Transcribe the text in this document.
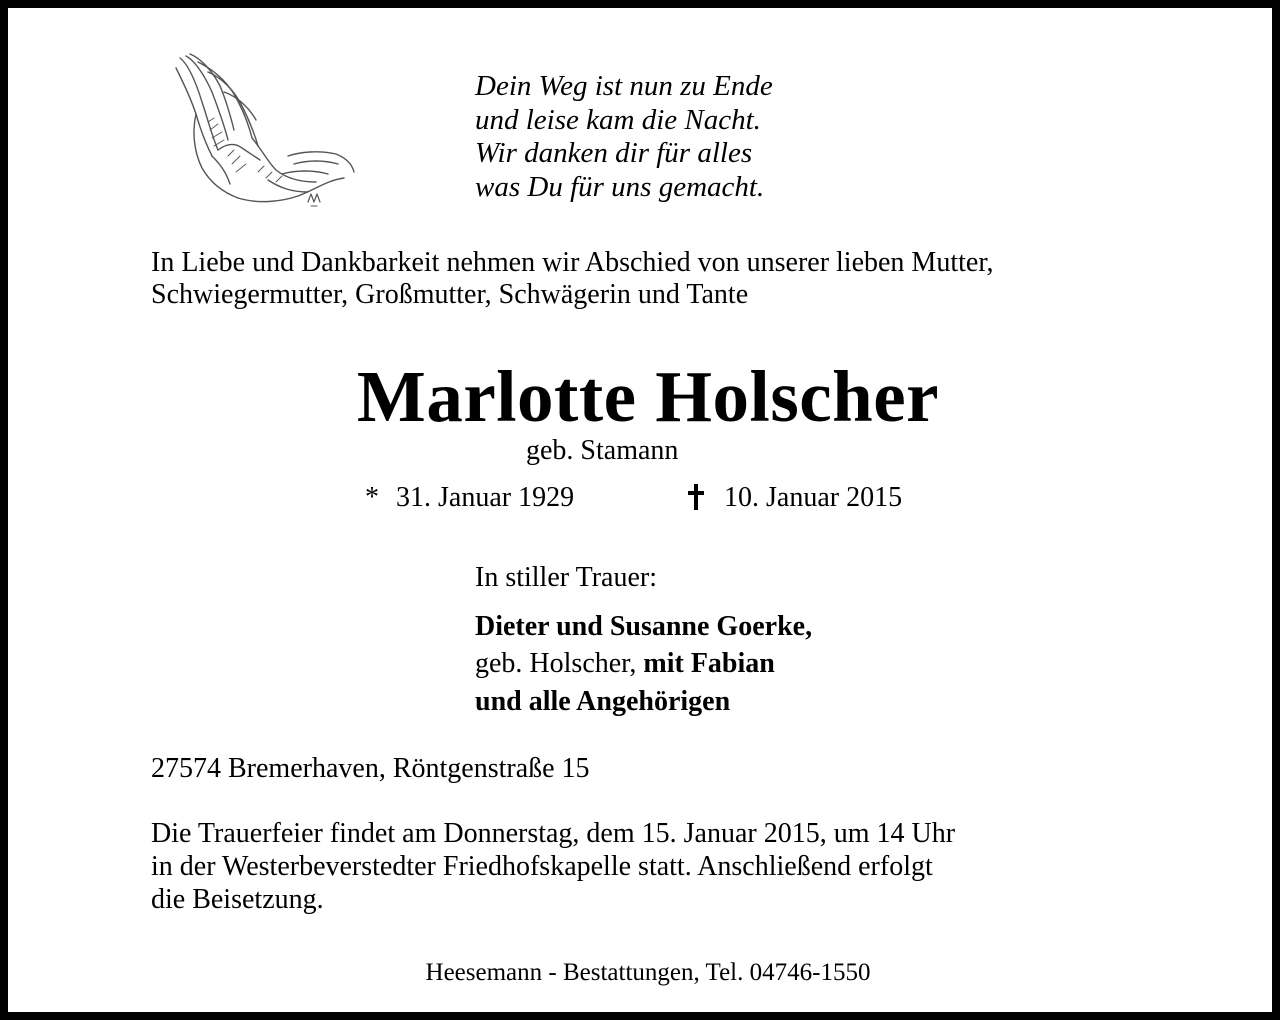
Dein Weg ist nun zu Ende
und leise kam die Nacht.
Wir danken dir für alles
was Du für uns gemacht.
In Liebe und Dankbarkeit nehmen wir Abschied von unserer lieben Mutter,
Schwiegermutter, Großmutter, Schwägerin und Tante
Marlotte Holscher
geb. Stamann
* 31. Januar 1929	10. Januar 2015
In stiller Trauer:
Dieter und Susanne Goerke,
geb. Holscher, mit Fabian
und alle Angehörigen
27574 Bremerhaven, Röntgenstraße 15
Die Trauerfeier findet am Donnerstag, dem 15. Januar 2015, um 14 Uhr
in der Westerbeverstedter Friedhofskapelle statt. Anschließend erfolgt
die Beisetzung.
Heesemann - Bestattungen, Tel. 04746-1550
